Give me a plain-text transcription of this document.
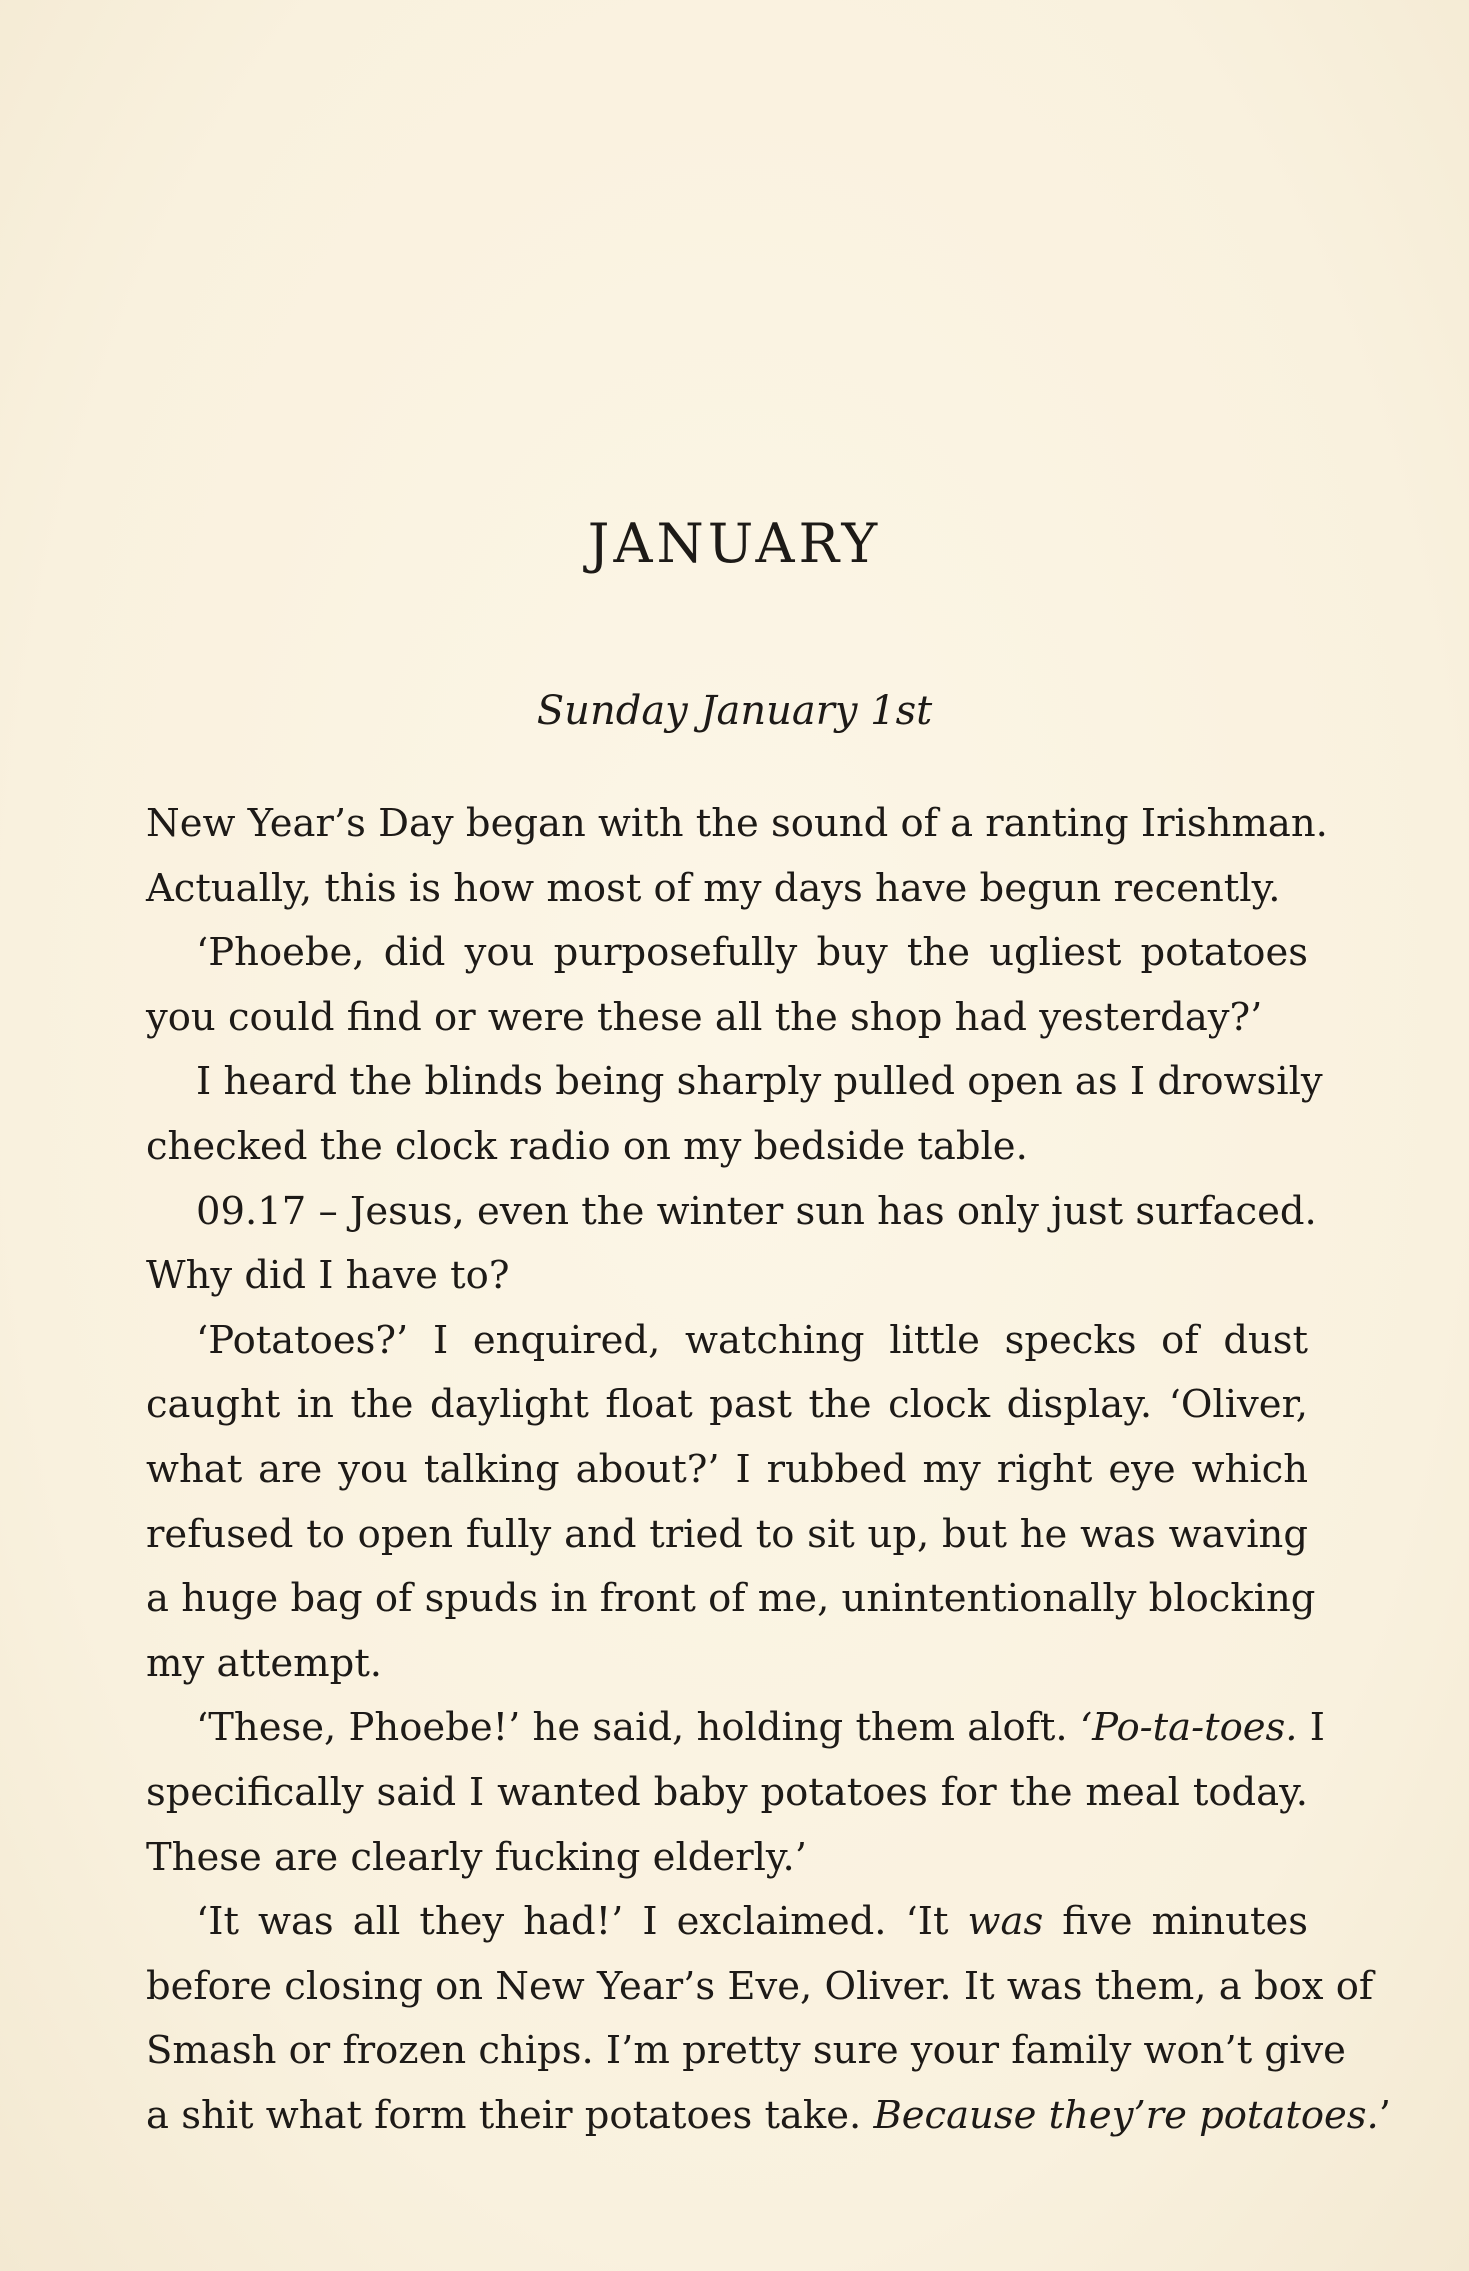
JANUARY
Sunday January 1st
New Year’s Day began with the sound of a ranting Irishman.
Actually, this is how most of my days have begun recently.
‘Phoebe, did you purposefully buy the ugliest potatoes
you could find or were these all the shop had yesterday?’
I heard the blinds being sharply pulled open as I drowsily
checked the clock radio on my bedside table.
09.17 – Jesus, even the winter sun has only just surfaced.
Why did I have to?
‘Potatoes?’ I enquired, watching little specks of dust
caught in the daylight float past the clock display. ‘Oliver,
what are you talking about?’ I rubbed my right eye which
refused to open fully and tried to sit up, but he was waving
a huge bag of spuds in front of me, unintentionally blocking
my attempt.
‘These, Phoebe!’ he said, holding them aloft. ‘Po-ta-toes. I
specifically said I wanted baby potatoes for the meal today.
These are clearly fucking elderly.’
‘It was all they had!’ I exclaimed. ‘It was five minutes
before closing on New Year’s Eve, Oliver. It was them, a box of
Smash or frozen chips. I’m pretty sure your family won’t give
a shit what form their potatoes take. Because they’re potatoes.’
